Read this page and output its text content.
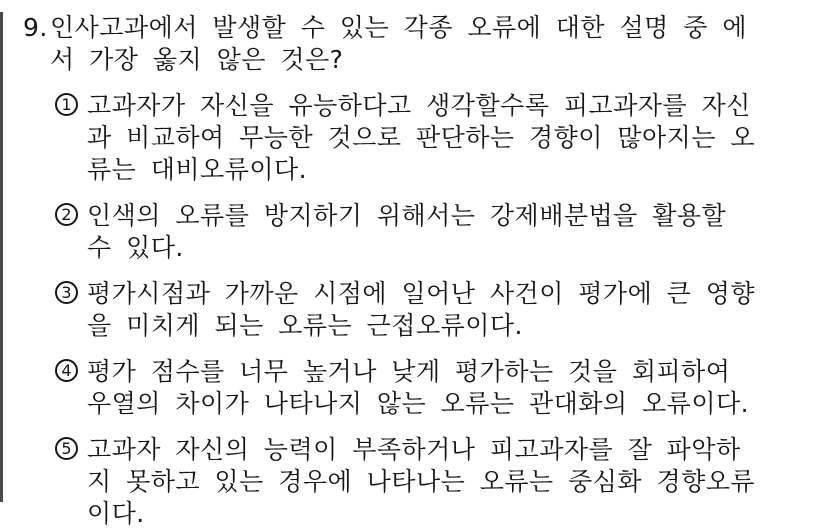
9. 인사고과에서 발생할 수 있는 각종 오류에 대한 설명 중 에
서 가장 옳지 않은 것은?
1 고과자가 자신을 유능하다고 생각할수록 피고과자를 자신
과 비교하여 무능한 것으로 판단하는 경향이 많아지는 오
류는 대비오류이다.
2 인색의 오류를 방지하기 위해서는 강제배분법을 활용할
수 있다.
3 평가시점과 가까운 시점에 일어난 사건이 평가에 큰 영향
을 미치게 되는 오류는 근접오류이다.
4 평가 점수를 너무 높거나 낮게 평가하는 것을 회피하여
우열의 차이가 나타나지 않는 오류는 관대화의 오류이다.
5 고과자 자신의 능력이 부족하거나 피고과자를 잘 파악하
지 못하고 있는 경우에 나타나는 오류는 중심화 경향오류
이다.
